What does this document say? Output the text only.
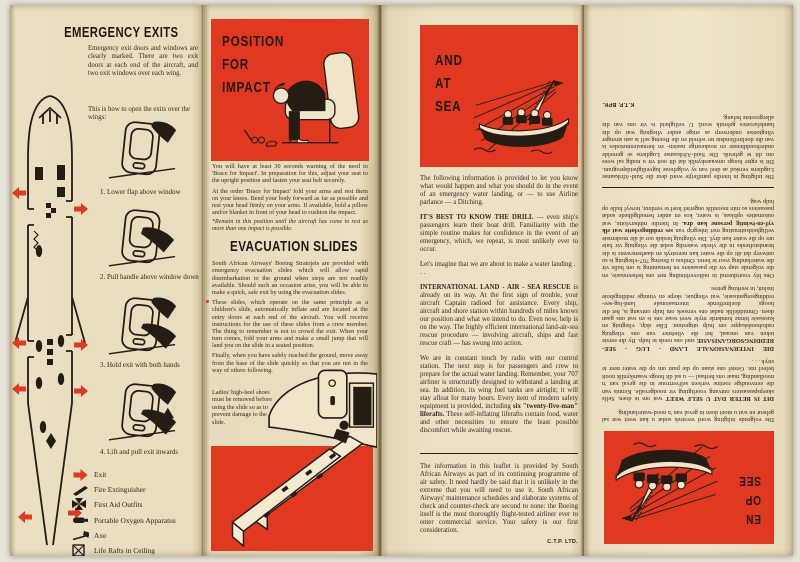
EMERGENCY EXITS

Emergency exit doors and windows are clearly marked. There are two exit doors at each end of the aircraft, and two exit windows over each wing.

This is how to open the exits over the wings:

1. Lower flap above window

2. Pull handle above window down

3. Hold exit with both hands

4. Lift and pull exit inwards

Exit
Fire Extinguisher
First Aid Outfits
Portable Oxygen Apparatus
Axe
Life Rafts in Ceiling
POSITION
FOR
IMPACT

You will have at least 30 seconds warning of the need to 'Brace for Impact'. In preparation for this, adjust your seat to the upright position and fasten your seat belt securely.

At the order 'Brace for Impact' fold your arms and rest them on your knees. Bend your body forward as far as possible and rest your head firmly on your arms. If available, hold a pillow and/or blanket in front of your head to cushion the impact.

*Remain in this position until the aircraft has come to rest as more than one impact is possible.

EVACUATION SLIDES

South African Airways' Boeing Stratojets are provided with emergency evacuation slides which will allow rapid disembarkation to the ground when steps are not readily available. Should such an occasion arise, you will be able to make a quick, safe exit by using the evacuation slides.

These slides, which operate on the same principle as a children's slide, automatically inflate and are located at the entry doors at each end of the aircraft. You will receive instructions for the use of these slides from a crew member. The thing to remember is not to crowd the exit. When your turn comes, fold your arms and make a small jump that will land you on the slide in a seated position.

Finally, when you have safely reached the ground, move away from the base of the slide quickly so that you are not in the way of others following.

Ladies' high-heel shoes must be removed before using the slide so as to prevent damage to the slide.

AND
AT
SEA

The following information is provided to let you know what would happen and what you should do in the event of an emergency water landing, or — to use Airline parlance — a Ditching.

IT'S BEST TO KNOW THE DRILL — even ship's passengers learn their boat drill. Familiarity with the simple routine makes for confidence in the event of an emergency, which, we repeat, is most unlikely ever to occur.

Let's imagine that we are about to make a water landing . . .

INTERNATIONAL LAND - AIR - SEA RESCUE is already on its way. At the first sign of trouble, your aircraft Captain radioed for assistance. Every ship, aircraft and shore station within hundreds of miles knows our position and what we intend to do. Even now, help is on the way. The highly efficient international land-air-sea rescue procedure — involving aircraft, ships and fast rescue craft — has swung into action.

We are in constant touch by radio with our control station. The next step is for passengers and crew to prepare for the actual water landing. Remember, your 707 airliner is structurally designed to withstand a landing at sea. In addition, its wing fuel tanks are airtight; it will stay afloat for many hours. Every item of modern safety equipment is provided, including six "twenty-five-man" liferafts. These self-inflating liferafts contain food, water and other necessities to ensure the least possible discomfort while awaiting rescue.

The information in this leaflet is provided by South African Airways as part of its continuing programme of air safety. It need hardly be said that it is unlikely in the extreme that you will need to use it. South African Airways' maintenance schedules and elaborate systems of check and counter-check are second to none: the Boeing itself is the most thoroughly flight-tested airliner ever to enter commercial service. Your safety is our first consideration.

C.T.P. LTD.
EN
OP
SEE

Die volgende inligting word verstrek sodat u kan weet wat sal gebeur en wat u moet doen in geval van 'n nood-waterlanding.

DIT IS BETER DAT U SELF WEET wat om te doen. Selfs skeepspassasiers ontvang voorligting vir noodgevalle. Kennis van die eenvoudige roetine verleen selfvertroue in die geval van 'n noodlanding, maar ons herhaal — u sal dit hoogs waarskynlik nooit beleef nie. Gestel ons staan op die punt om op die water neer te stryk . . .

DIE INTERNASIONALE LAND - LUG - SEE-REDDINGSORGANISASIE snel ons reeds te hulp. By die eerste teken van onraad, het die vlieënier van ons vliegtuig radioboodskappe om hulp uitgestuur. Elke skip, vliegtuig en kusstasie binne honderde myle weet waar ons is en wat ons gaan doen. Onmiddellik nadat ons versoek om hulp ontvang is, het die hoogs doeltreffende internasionale land-lug-see-reddingsorganisasie, wat vliegtuie, skepe en vinnige reddingsbote insluit, in werking getree.

Ons bly voortdurend in radioverbinding met ons beheerstasie, en die volgende stap vir die passasiers en bemanning is om hulle vir die waterlanding voor te berei. Onthou u Boeing 707-vliegtuig is so ontwerp dat dit op die water kan neerstryk en daarbenewens is die brandstoftenks in die vlerke waterdig sodat die vliegtuig vir baie ure op die water kan dryf. Die vliegtuig beskik oor al die modernste veiligheidsuitrusting met inbegrip van ses reddingsvlotte wat elk vyf-en-twintig persone kan dra. In hierdie rubbervlotte, wat outomaties opblaas, is water, kos en ander benodigdhede sodat passasiers so min moontlik ongerief hoef te verduur, terwyl hulle op hulp wag.

Die inligting in hierdie pamfletjie word deur die Suid-Afrikaanse Lugdiens verskaf as deel van sy volgehoue lugveiligheidsprogram. Dit is egter hoogs onwaarskynlik dat dit ooit vir u nodig sal wees om dit te gebruik. Die Suid-Afrikaanse Lugdiens se gereelde onderhouddienste en noukeurige nasien- en hernasienmetodes is van die doeltreffendste ter wêreld en die Boeing self is aan strenger vliegtoetse onderwerp as enige ander vliegtuig wat op die handelsroetes gebruik word. U veiligheid is vir ons van die allergrootste belang.

K.T.P. BPK.
